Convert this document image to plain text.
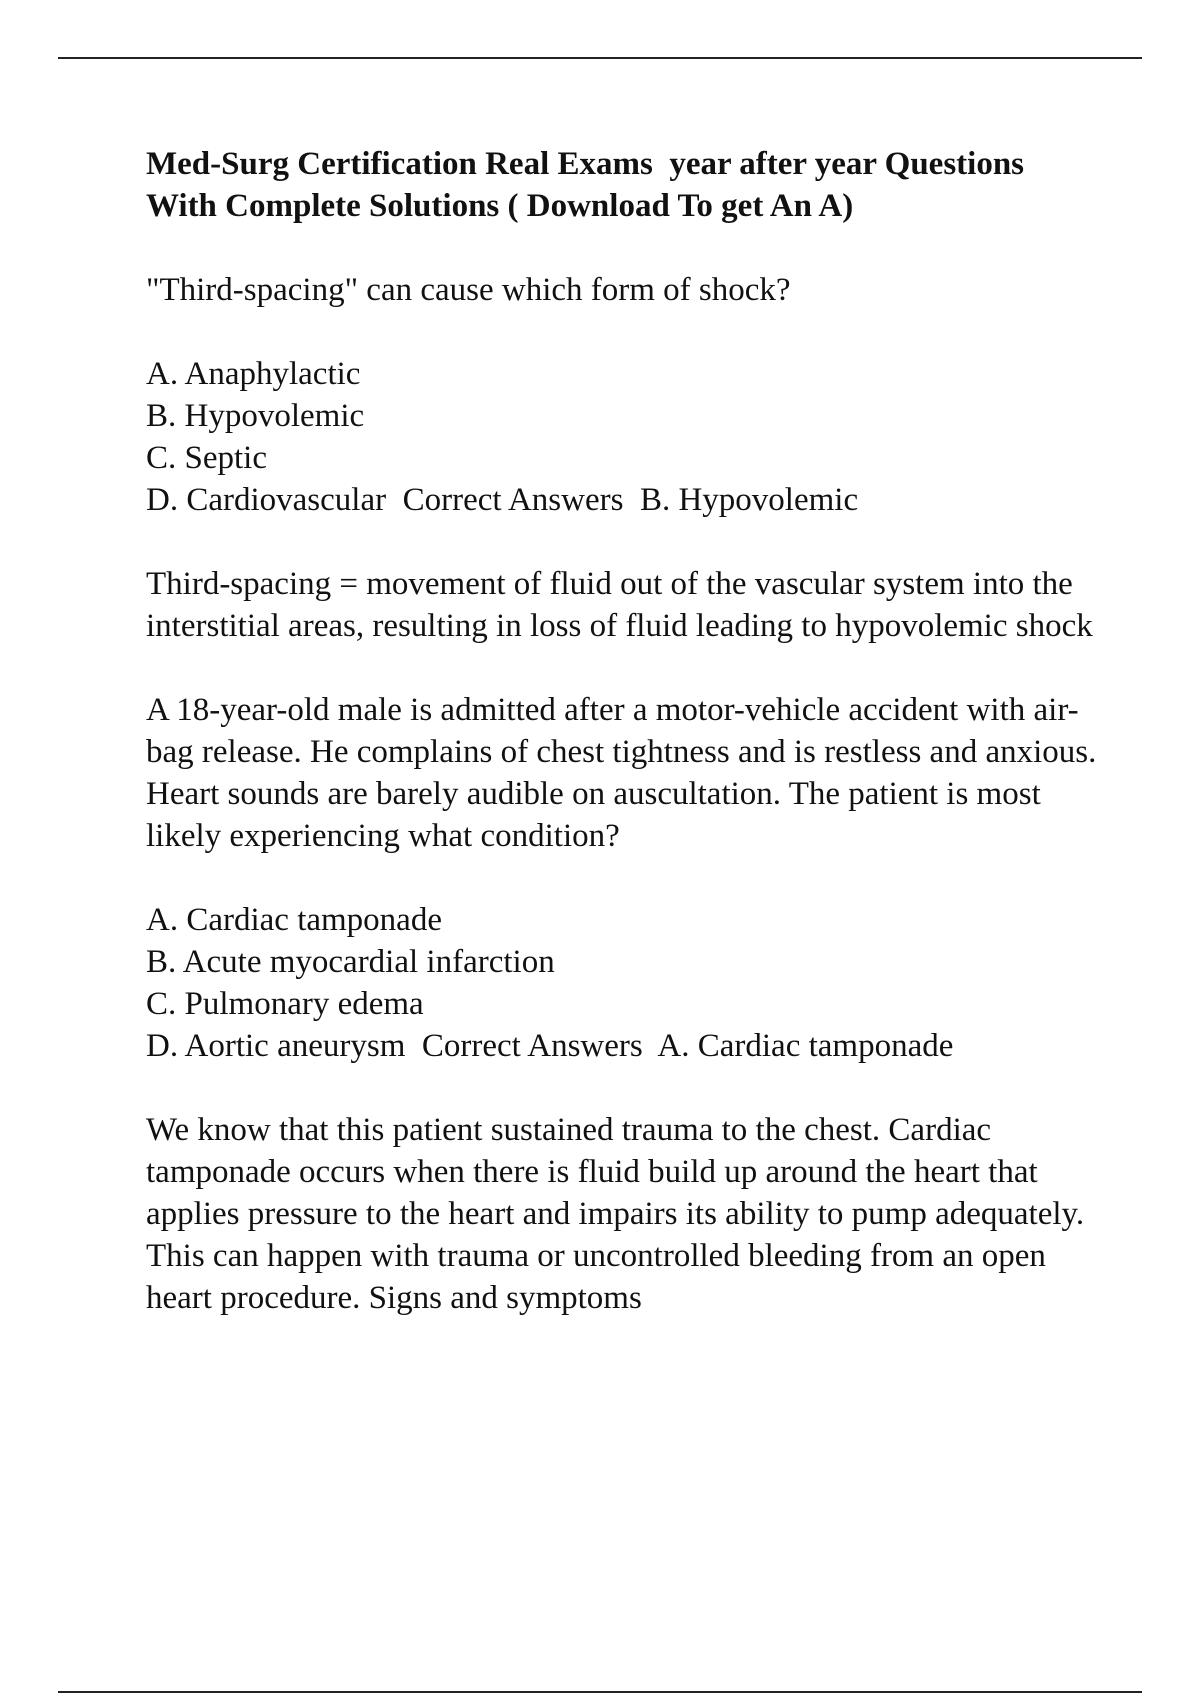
Med-Surg Certification Real Exams  year after year Questions  With Complete Solutions ( Download To get An A)
"Third-spacing" can cause which form of shock?
A. Anaphylactic
B. Hypovolemic
C. Septic
D. Cardiovascular  Correct Answers  B. Hypovolemic
Third-spacing = movement of fluid out of the vascular system into the interstitial areas, resulting in loss of fluid leading to hypovolemic shock
A 18-year-old male is admitted after a motor-vehicle accident with air-bag release. He complains of chest tightness and is restless and anxious. Heart sounds are barely audible on auscultation. The patient is most likely experiencing what condition?
A. Cardiac tamponade
B. Acute myocardial infarction
C. Pulmonary edema
D. Aortic aneurysm  Correct Answers  A. Cardiac tamponade
We know that this patient sustained trauma to the chest. Cardiac tamponade occurs when there is fluid build up around the heart that applies pressure to the heart and impairs its ability to pump adequately. This can happen with trauma or uncontrolled bleeding from an open heart procedure. Signs and symptoms
